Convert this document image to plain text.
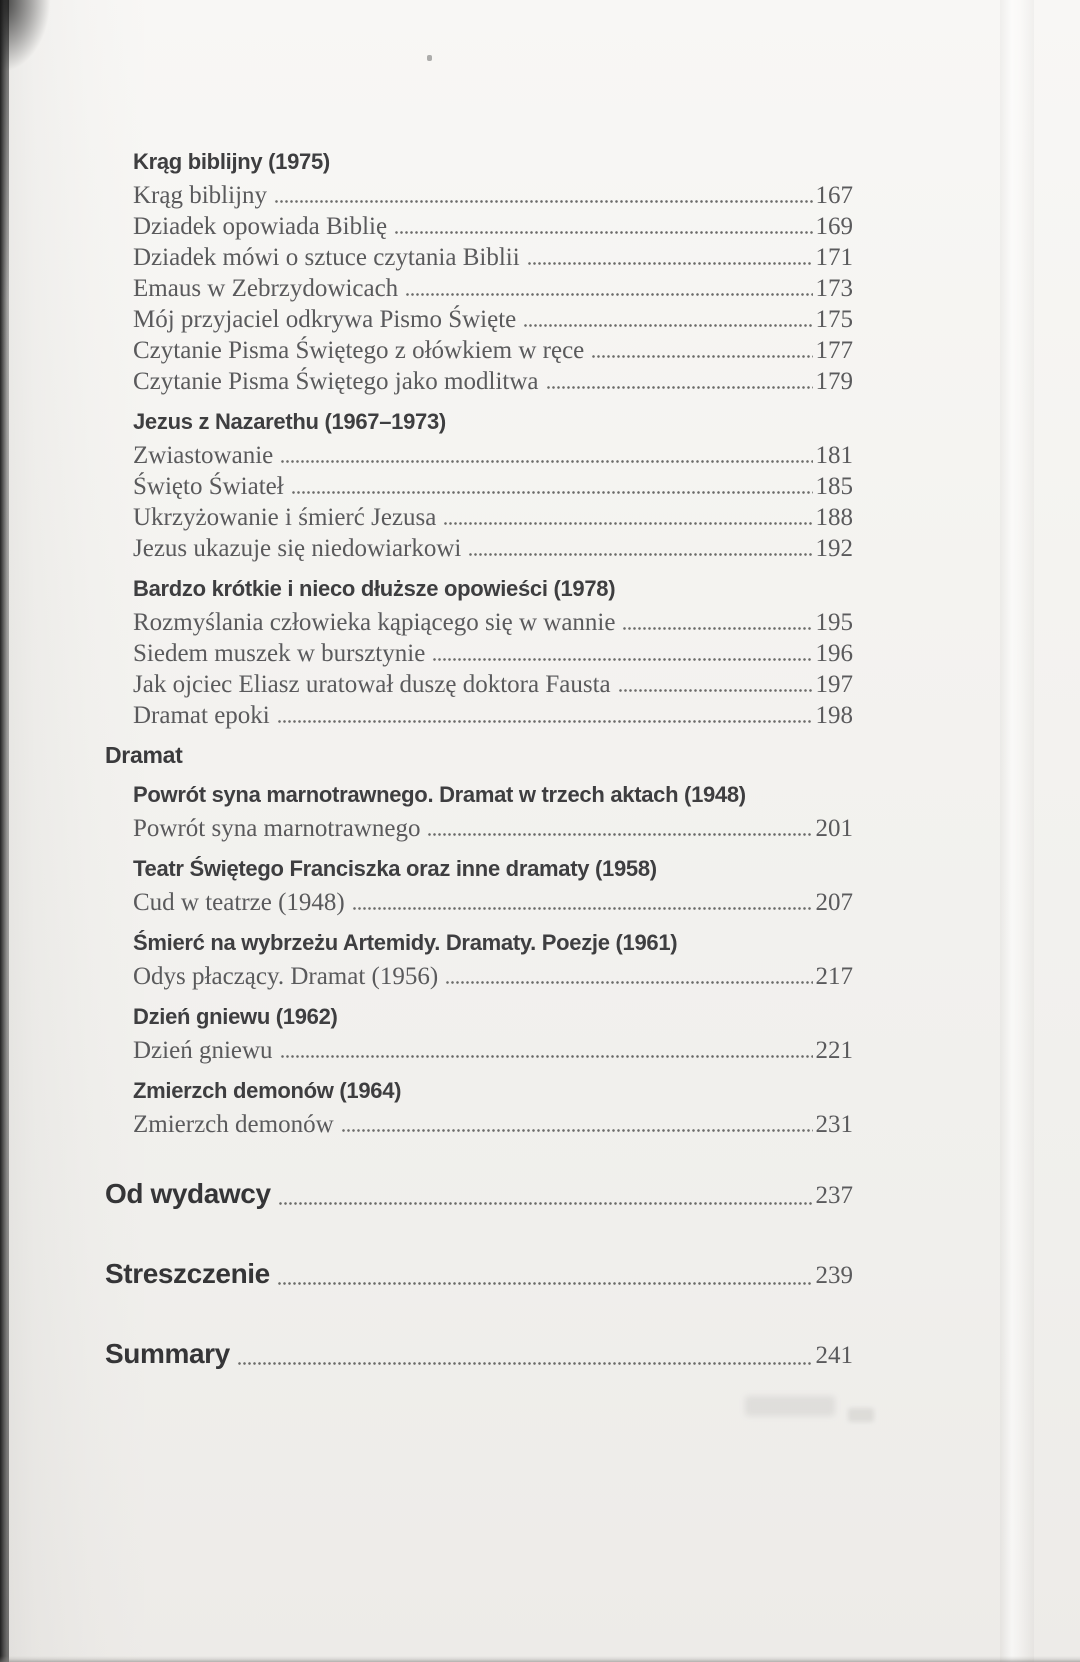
Krąg biblijny (1975)
Krąg biblijny	167
Dziadek opowiada Biblię	169
Dziadek mówi o sztuce czytania Biblii	171
Emaus w Zebrzydowicach	173
Mój przyjaciel odkrywa Pismo Święte	175
Czytanie Pisma Świętego z ołówkiem w ręce	177
Czytanie Pisma Świętego jako modlitwa	179
Jezus z Nazarethu (1967–1973)
Zwiastowanie	181
Święto Świateł	185
Ukrzyżowanie i śmierć Jezusa	188
Jezus ukazuje się niedowiarkowi	192
Bardzo krótkie i nieco dłuższe opowieści (1978)
Rozmyślania człowieka kąpiącego się w wannie	195
Siedem muszek w bursztynie	196
Jak ojciec Eliasz uratował duszę doktora Fausta	197
Dramat epoki	198
Dramat
Powrót syna marnotrawnego. Dramat w trzech aktach (1948)
Powrót syna marnotrawnego	201
Teatr Świętego Franciszka oraz inne dramaty (1958)
Cud w teatrze (1948)	207
Śmierć na wybrzeżu Artemidy. Dramaty. Poezje (1961)
Odys płaczący. Dramat (1956)	217
Dzień gniewu (1962)
Dzień gniewu	221
Zmierzch demonów (1964)
Zmierzch demonów	231
Od wydawcy	237
Streszczenie	239
Summary	241
